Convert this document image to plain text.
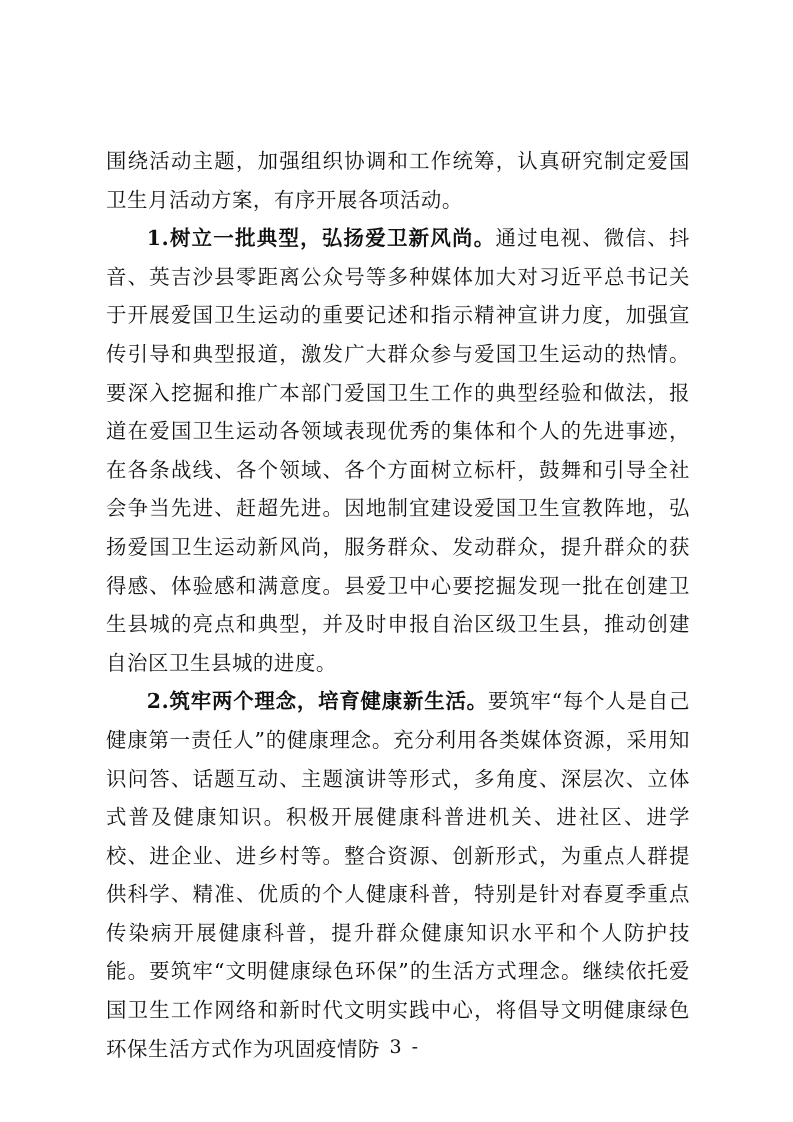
围绕活动主题，加强组织协调和工作统筹，认真研究制定爱国卫生月活动方案，有序开展各项活动。

1.树立一批典型，弘扬爱卫新风尚。通过电视、微信、抖音、英吉沙县零距离公众号等多种媒体加大对习近平总书记关于开展爱国卫生运动的重要记述和指示精神宣讲力度，加强宣传引导和典型报道，激发广大群众参与爱国卫生运动的热情。要深入挖掘和推广本部门爱国卫生工作的典型经验和做法，报道在爱国卫生运动各领域表现优秀的集体和个人的先进事迹，在各条战线、各个领域、各个方面树立标杆，鼓舞和引导全社会争当先进、赶超先进。因地制宜建设爱国卫生宣教阵地，弘扬爱国卫生运动新风尚，服务群众、发动群众，提升群众的获得感、体验感和满意度。县爱卫中心要挖掘发现一批在创建卫生县城的亮点和典型，并及时申报自治区级卫生县，推动创建自治区卫生县城的进度。

2.筑牢两个理念，培育健康新生活。要筑牢“每个人是自己健康第一责任人”的健康理念。充分利用各类媒体资源，采用知识问答、话题互动、主题演讲等形式，多角度、深层次、立体式普及健康知识。积极开展健康科普进机关、进社区、进学校、进企业、进乡村等。整合资源、创新形式，为重点人群提供科学、精准、优质的个人健康科普，特别是针对春夏季重点传染病开展健康科普，提升群众健康知识水平和个人防护技能。要筑牢“文明健康绿色环保”的生活方式理念。继续依托爱国卫生工作网络和新时代文明实践中心，将倡导文明健康绿色环保生活方式作为巩固疫情防

- 3 -
